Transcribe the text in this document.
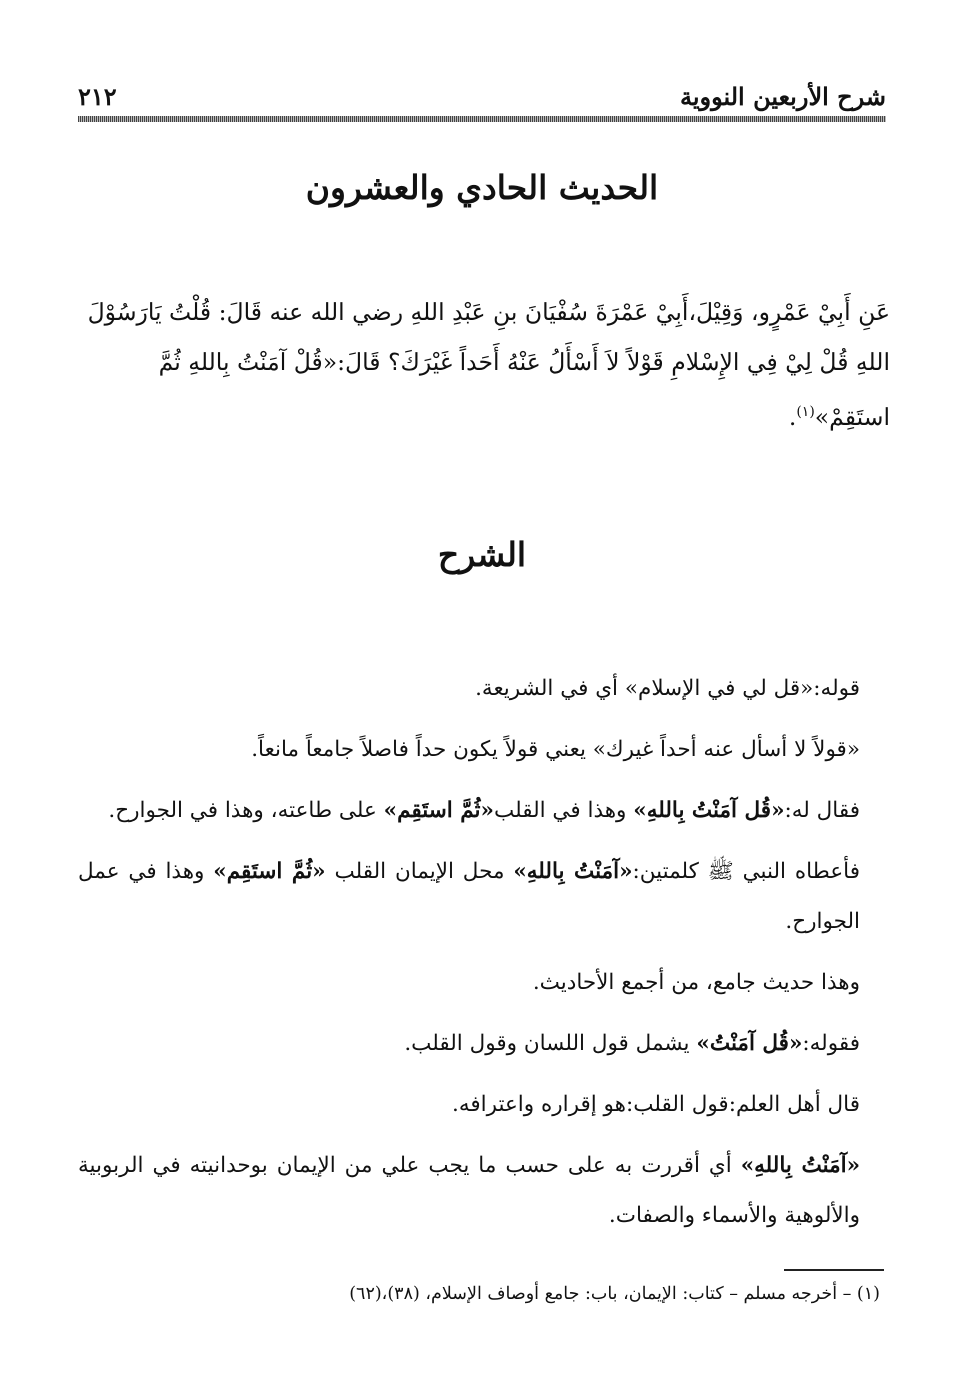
شرح الأربعين النووية
٢١٢
الحديث الحادي والعشرون
عَنِ أَبِيْ عَمْرٍو، وَقِيْلَ،أَبِيْ عَمْرَةَ سُفْيَانَ بنِ عَبْدِ اللهِ رضي الله عنه قَالَ: قُلْتُ يَارَسُوْلَ
اللهِ قُلْ لِيْ فِي الإِسْلامِ قَوْلاً لاَ أَسْأَلُ عَنْهُ أَحَداً غَيْرَكَ؟ قَالَ:«قُلْ آمَنْتُ بِاللهِ ثُمَّ
استَقِمْ»$^{(١)}$.
الشرح

قوله:«قل لي في الإسلام» أي في الشريعة.

«قولاً لا أسأل عنه أحداً غيرك» يعني قولاً يكون حداً فاصلاً جامعاً مانعاً.

فقال له:«قُل آمَنْتُ بِاللهِ» وهذا في القلب«ثُمَّ استَقِم» على طاعته، وهذا في الجوارح.

فأعطاه النبي ﷺ كلمتين:«آمَنْتُ بِاللهِ» محل الإيمان القلب «ثُمَّ استَقِم» وهذا في عمل الجوارح.

وهذا حديث جامع، من أجمع الأحاديث.

فقوله:«قُل آمَنْتُ» يشمل قول اللسان وقول القلب.

قال أهل العلم:قول القلب:هو إقراره واعترافه.

«آمَنْتُ بِاللهِ» أي أقررت به على حسب ما يجب علي من الإيمان بوحدانيته في الربوبية والألوهية والأسماء والصفات.

(١) – أخرجه مسلم – كتاب: الإيمان، باب: جامع أوصاف الإسلام، (٣٨)،(٦٢)
